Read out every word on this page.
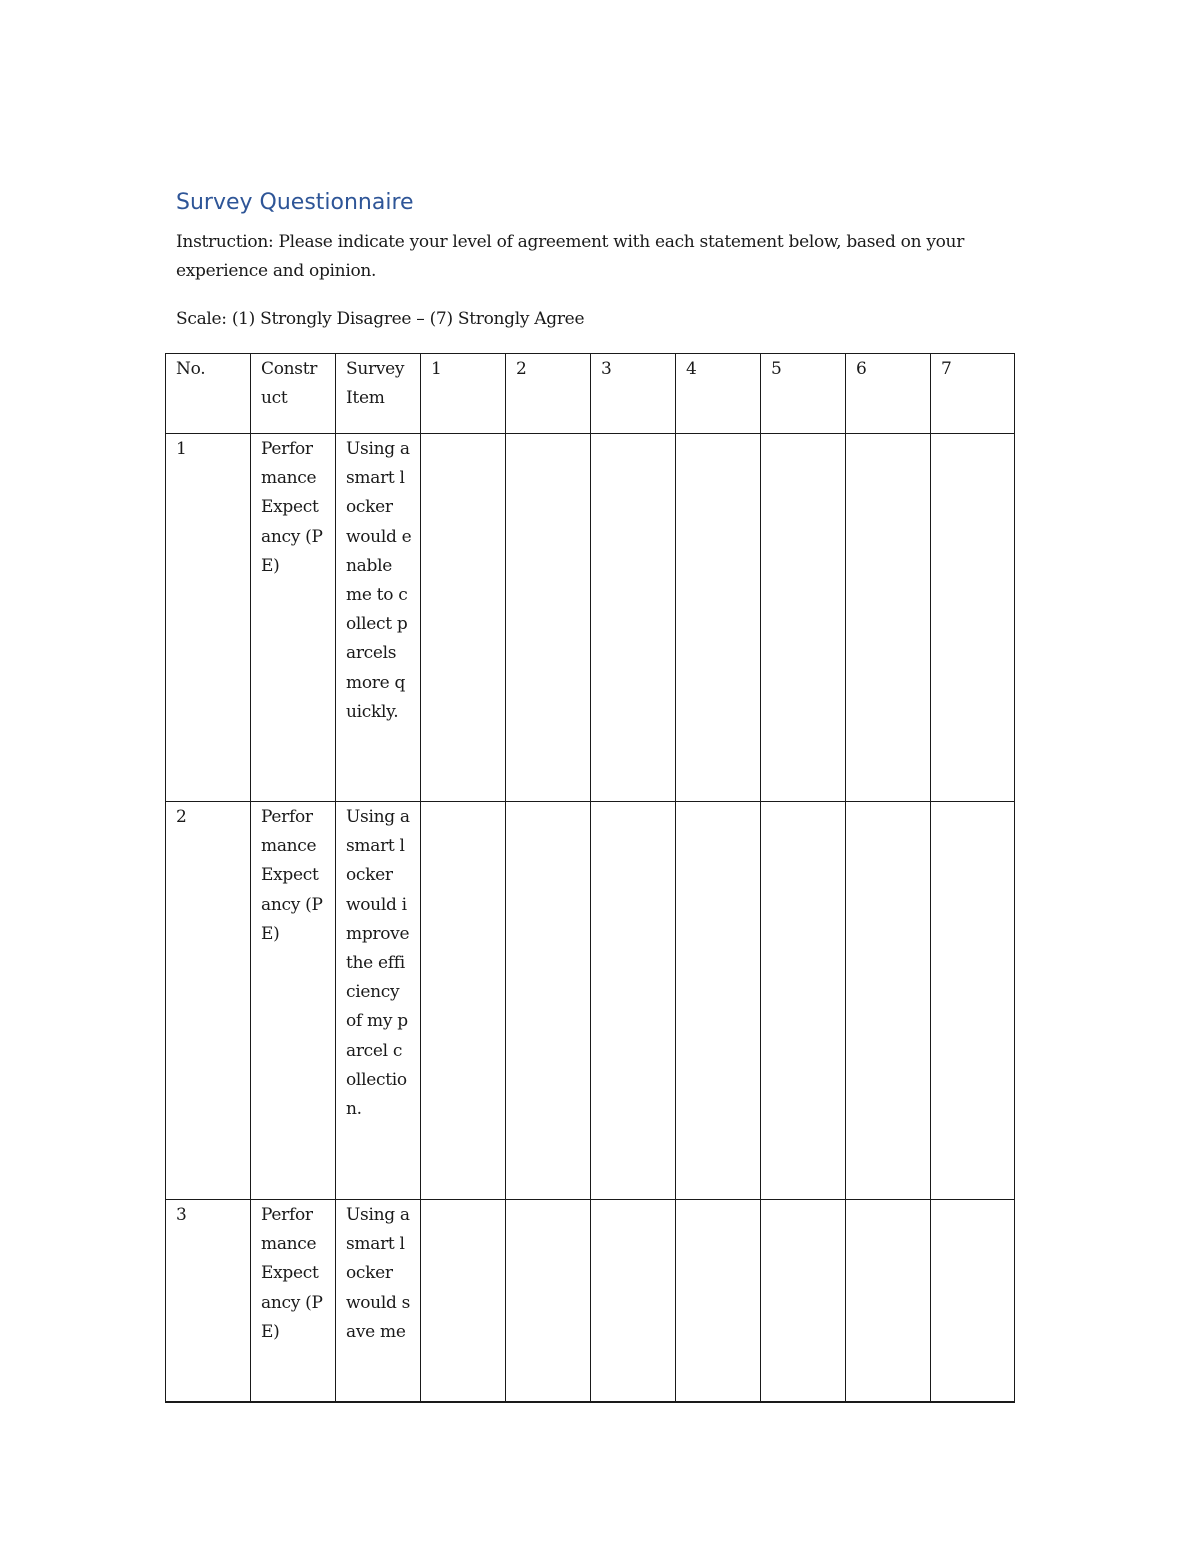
Survey Questionnaire
Instruction: Please indicate your level of agreement with each statement below, based on your experience and opinion.
Scale: (1) Strongly Disagree – (7) Strongly Agree
No.	Construct	Survey Item	1	2	3	4	5	6	7
1	Performance Expectancy (PE)	Using a smart locker would enable me to collect parcels more quickly.							
2	Performance Expectancy (PE)	Using a smart locker would improve the efficiency of my parcel collection.							
3	Performance Expectancy (PE)	Using a smart locker would save me							
